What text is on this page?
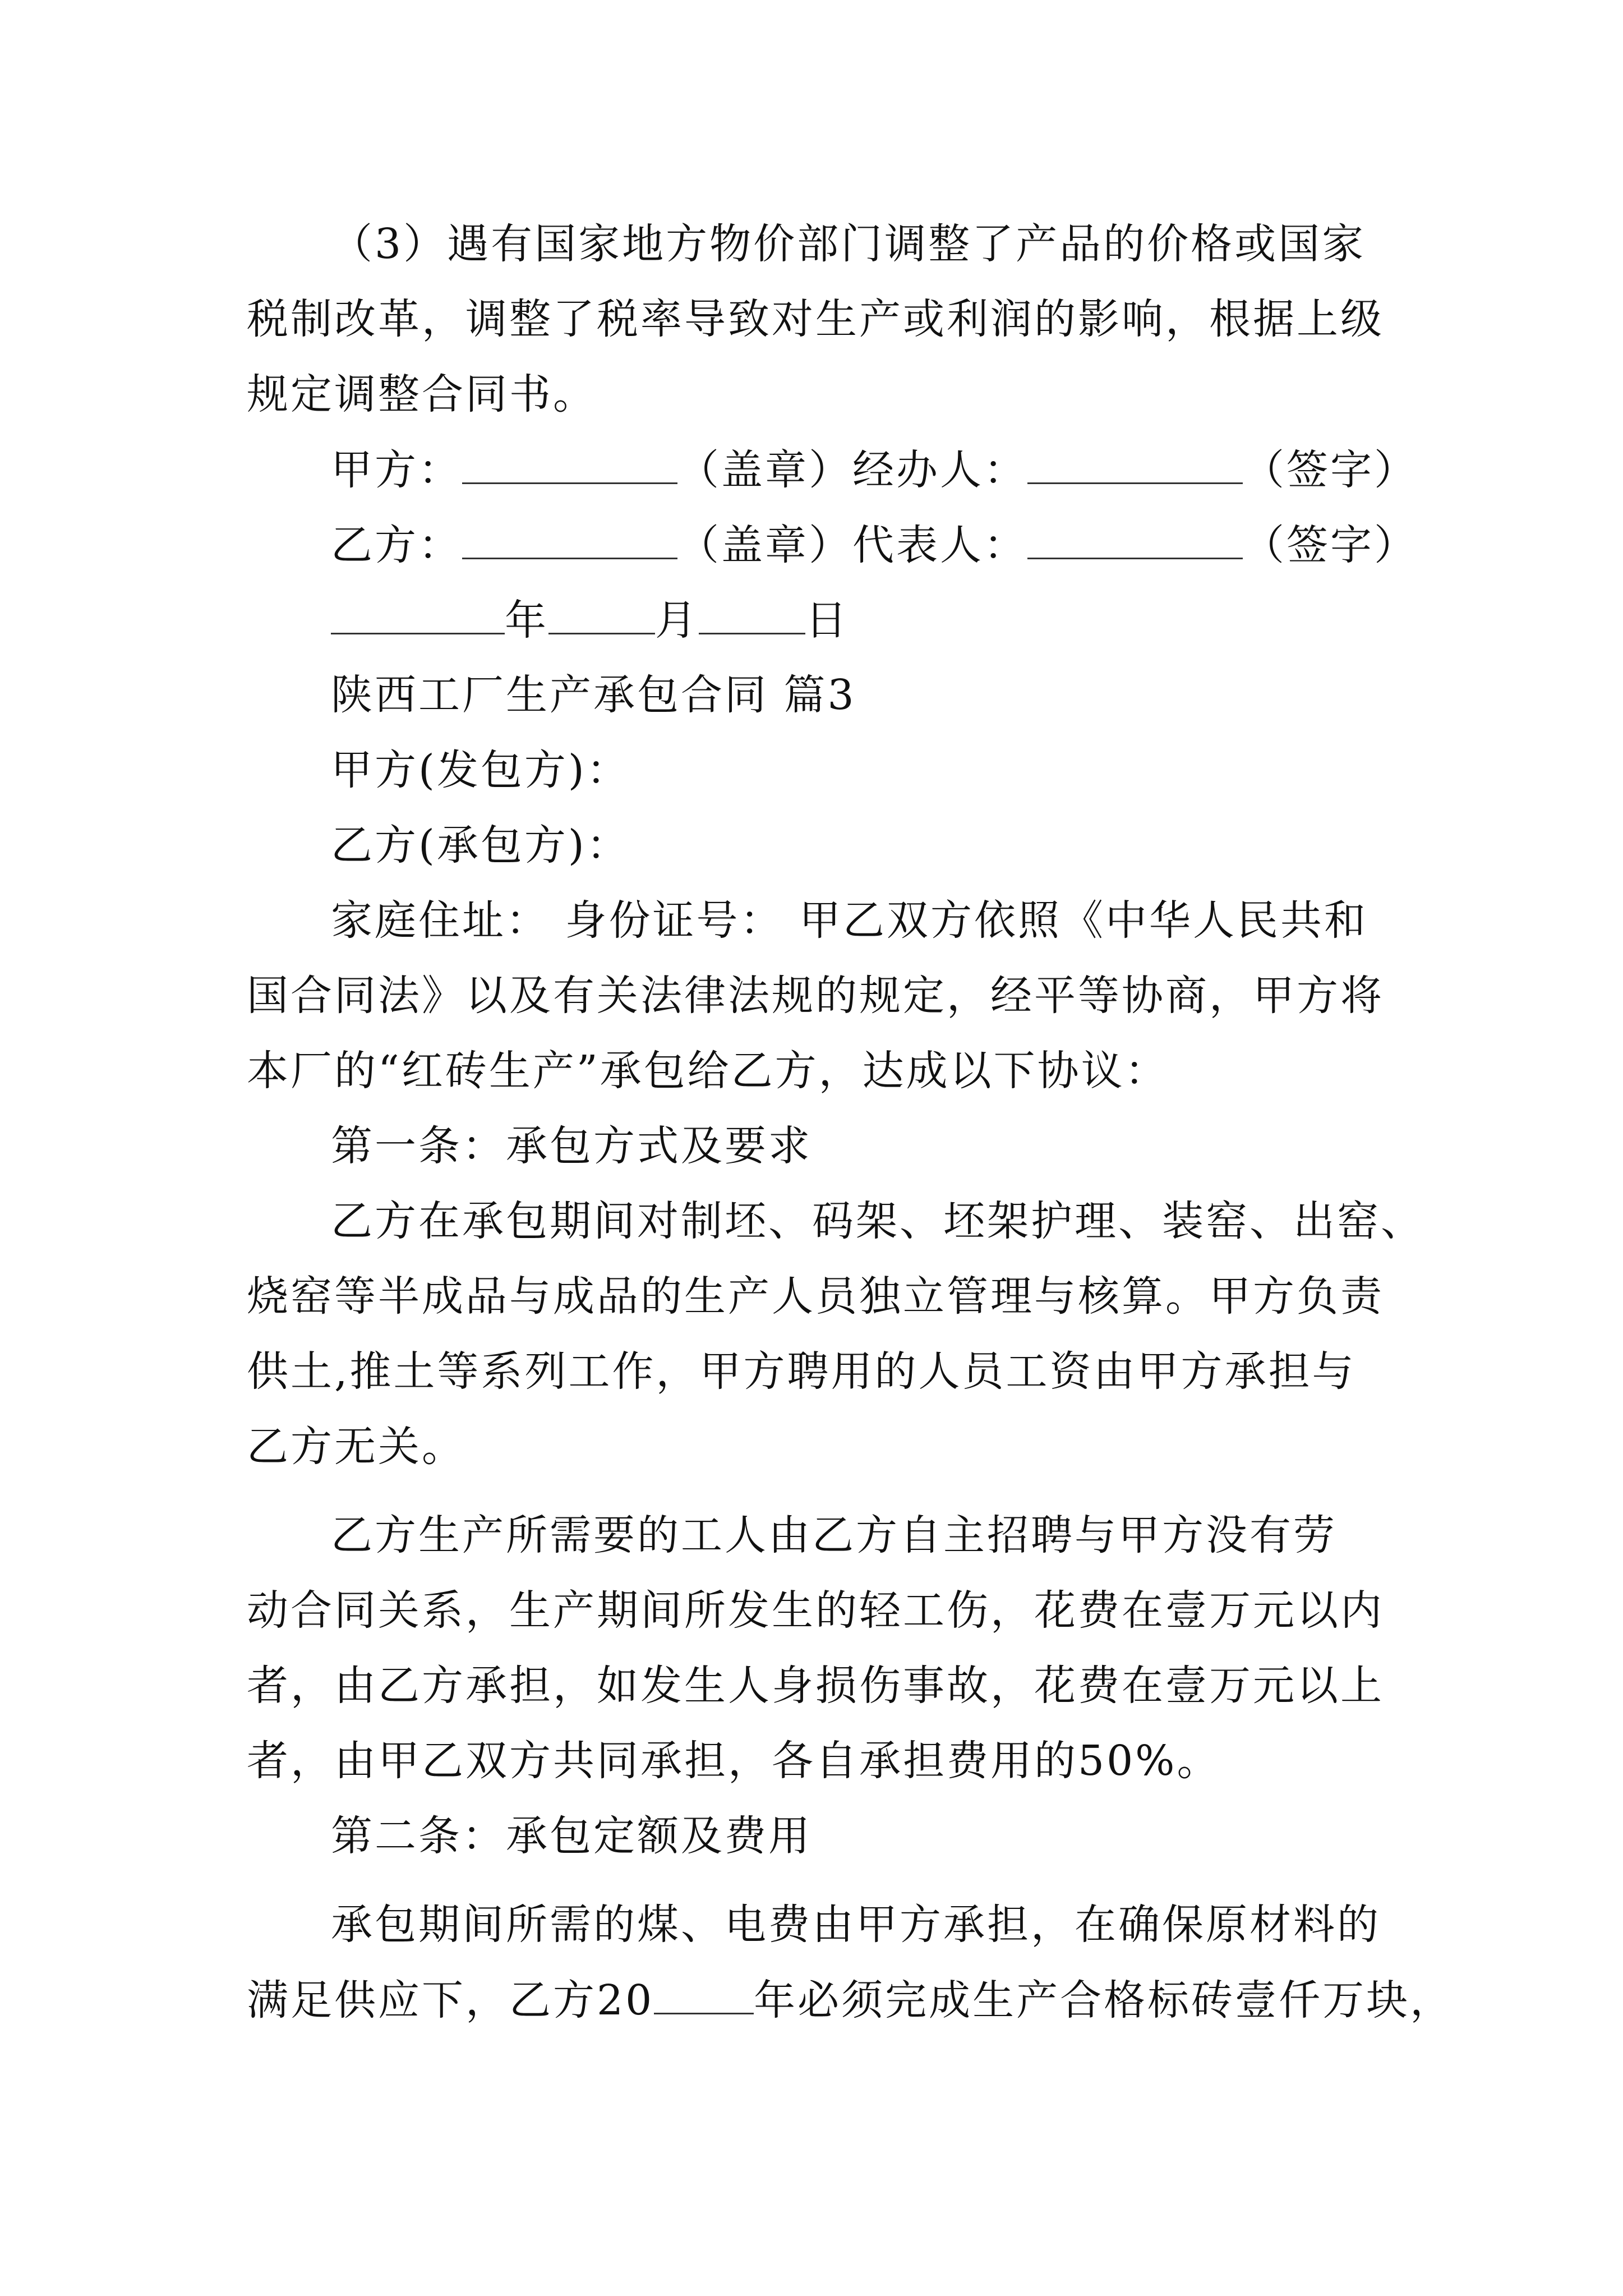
（3）遇有国家地方物价部门调整了产品的价格或国家
税制改革，调整了税率导致对生产或利润的影响，根据上级
规定调整合同书。
甲方：	（盖章）经办人：	（签字）
乙方：	（盖章）代表人：	（签字）
年	月	日
陕西工厂生产承包合同 篇3
甲方(发包方)：
乙方(承包方)：
家庭住址： 身份证号： 甲乙双方依照《中华人民共和
国合同法》以及有关法律法规的规定，经平等协商，甲方将
本厂的“红砖生产”承包给乙方，达成以下协议：
第一条：承包方式及要求
乙方在承包期间对制坯、码架、坯架护理、装窑、出窑、
烧窑等半成品与成品的生产人员独立管理与核算。甲方负责
供土,推土等系列工作，甲方聘用的人员工资由甲方承担与
乙方无关。
乙方生产所需要的工人由乙方自主招聘与甲方没有劳
动合同关系，生产期间所发生的轻工伤，花费在壹万元以内
者，由乙方承担，如发生人身损伤事故，花费在壹万元以上
者，由甲乙双方共同承担，各自承担费用的50%。
第二条：承包定额及费用
承包期间所需的煤、电费由甲方承担，在确保原材料的
满足供应下，乙方20 年必须完成生产合格标砖壹仟万块，
